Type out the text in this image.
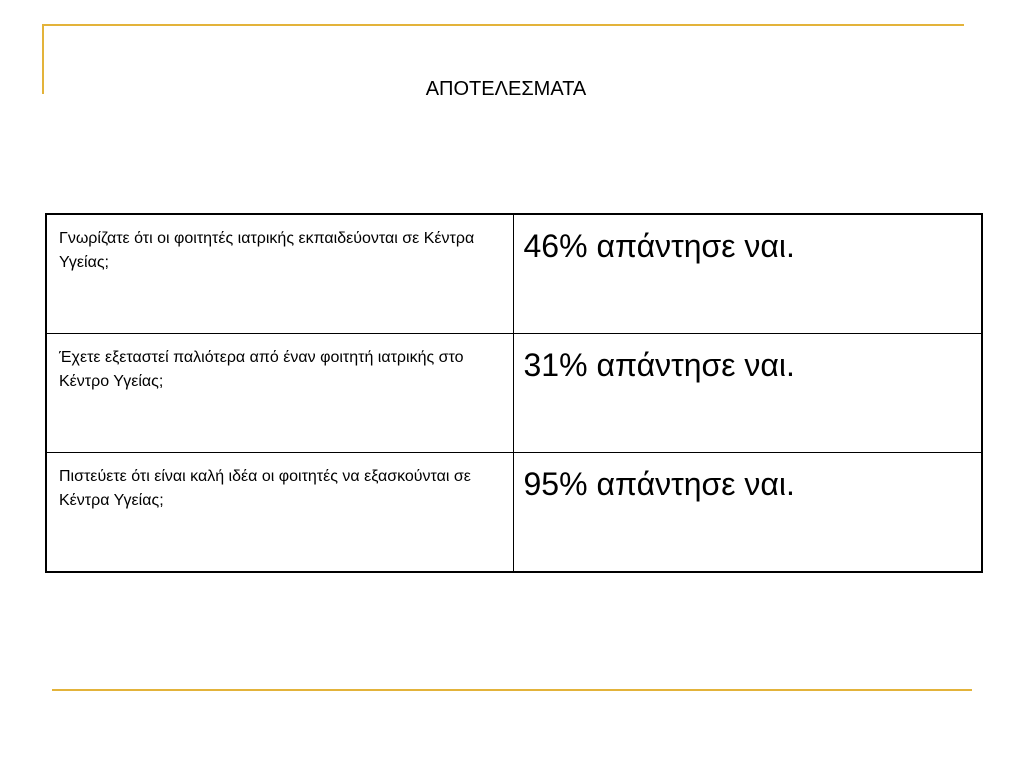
ΑΠΟΤΕΛΕΣΜΑΤΑ
Γνωρίζατε ότι οι φοιτητές ιατρικής εκπαιδεύονται σε Κέντρα Υγείας;	46% απάντησε ναι.

Έχετε εξεταστεί παλιότερα από έναν φοιτητή ιατρικής στο Κέντρο Υγείας;	31% απάντησε ναι.

Πιστεύετε ότι είναι καλή ιδέα οι φοιτητές να εξασκούνται σε Κέντρα Υγείας;	95% απάντησε ναι.
